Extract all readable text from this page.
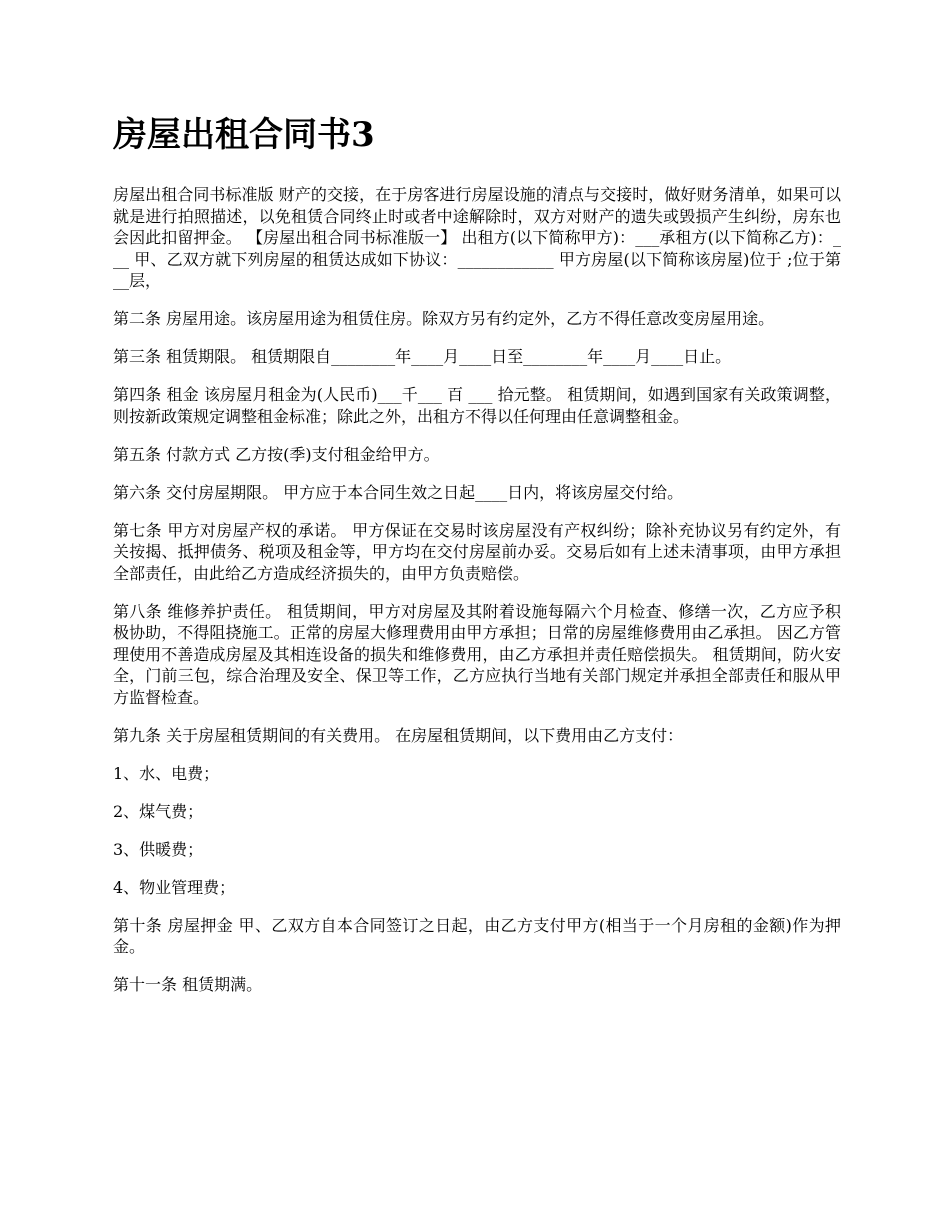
房屋出租合同书3

房屋出租合同书标准版 财产的交接，在于房客进行房屋设施的清点与交接时，做好财务清单，如果可以就是进行拍照描述，以免租赁合同终止时或者中途解除时，双方对财产的遗失或毁损产生纠纷，房东也会因此扣留押金。 【房屋出租合同书标准版一】 出租方(以下简称甲方)：___承租方(以下简称乙方)：___ 甲、乙双方就下列房屋的租赁达成如下协议：____________ 甲方房屋(以下简称该房屋)位于 ;位于第__层，

第二条 房屋用途。该房屋用途为租赁住房。除双方另有约定外，乙方不得任意改变房屋用途。

第三条 租赁期限。 租赁期限自________年____月____日至________年____月____日止。

第四条 租金 该房屋月租金为(人民币)___千___ 百 ___ 拾元整。 租赁期间，如遇到国家有关政策调整，则按新政策规定调整租金标准；除此之外，出租方不得以任何理由任意调整租金。

第五条 付款方式 乙方按(季)支付租金给甲方。

第六条 交付房屋期限。 甲方应于本合同生效之日起____日内，将该房屋交付给。

第七条 甲方对房屋产权的承诺。 甲方保证在交易时该房屋没有产权纠纷；除补充协议另有约定外，有关按揭、抵押债务、税项及租金等，甲方均在交付房屋前办妥。交易后如有上述未清事项，由甲方承担全部责任，由此给乙方造成经济损失的，由甲方负责赔偿。

第八条 维修养护责任。 租赁期间，甲方对房屋及其附着设施每隔六个月检查、修缮一次，乙方应予积极协助，不得阻挠施工。正常的房屋大修理费用由甲方承担；日常的房屋维修费用由乙承担。 因乙方管理使用不善造成房屋及其相连设备的损失和维修费用，由乙方承担并责任赔偿损失。 租赁期间，防火安全，门前三包，综合治理及安全、保卫等工作，乙方应执行当地有关部门规定并承担全部责任和服从甲方监督检查。

第九条 关于房屋租赁期间的有关费用。 在房屋租赁期间，以下费用由乙方支付：

1、水、电费；

2、煤气费；

3、供暖费；

4、物业管理费；

第十条 房屋押金 甲、乙双方自本合同签订之日起，由乙方支付甲方(相当于一个月房租的金额)作为押金。

第十一条 租赁期满。
